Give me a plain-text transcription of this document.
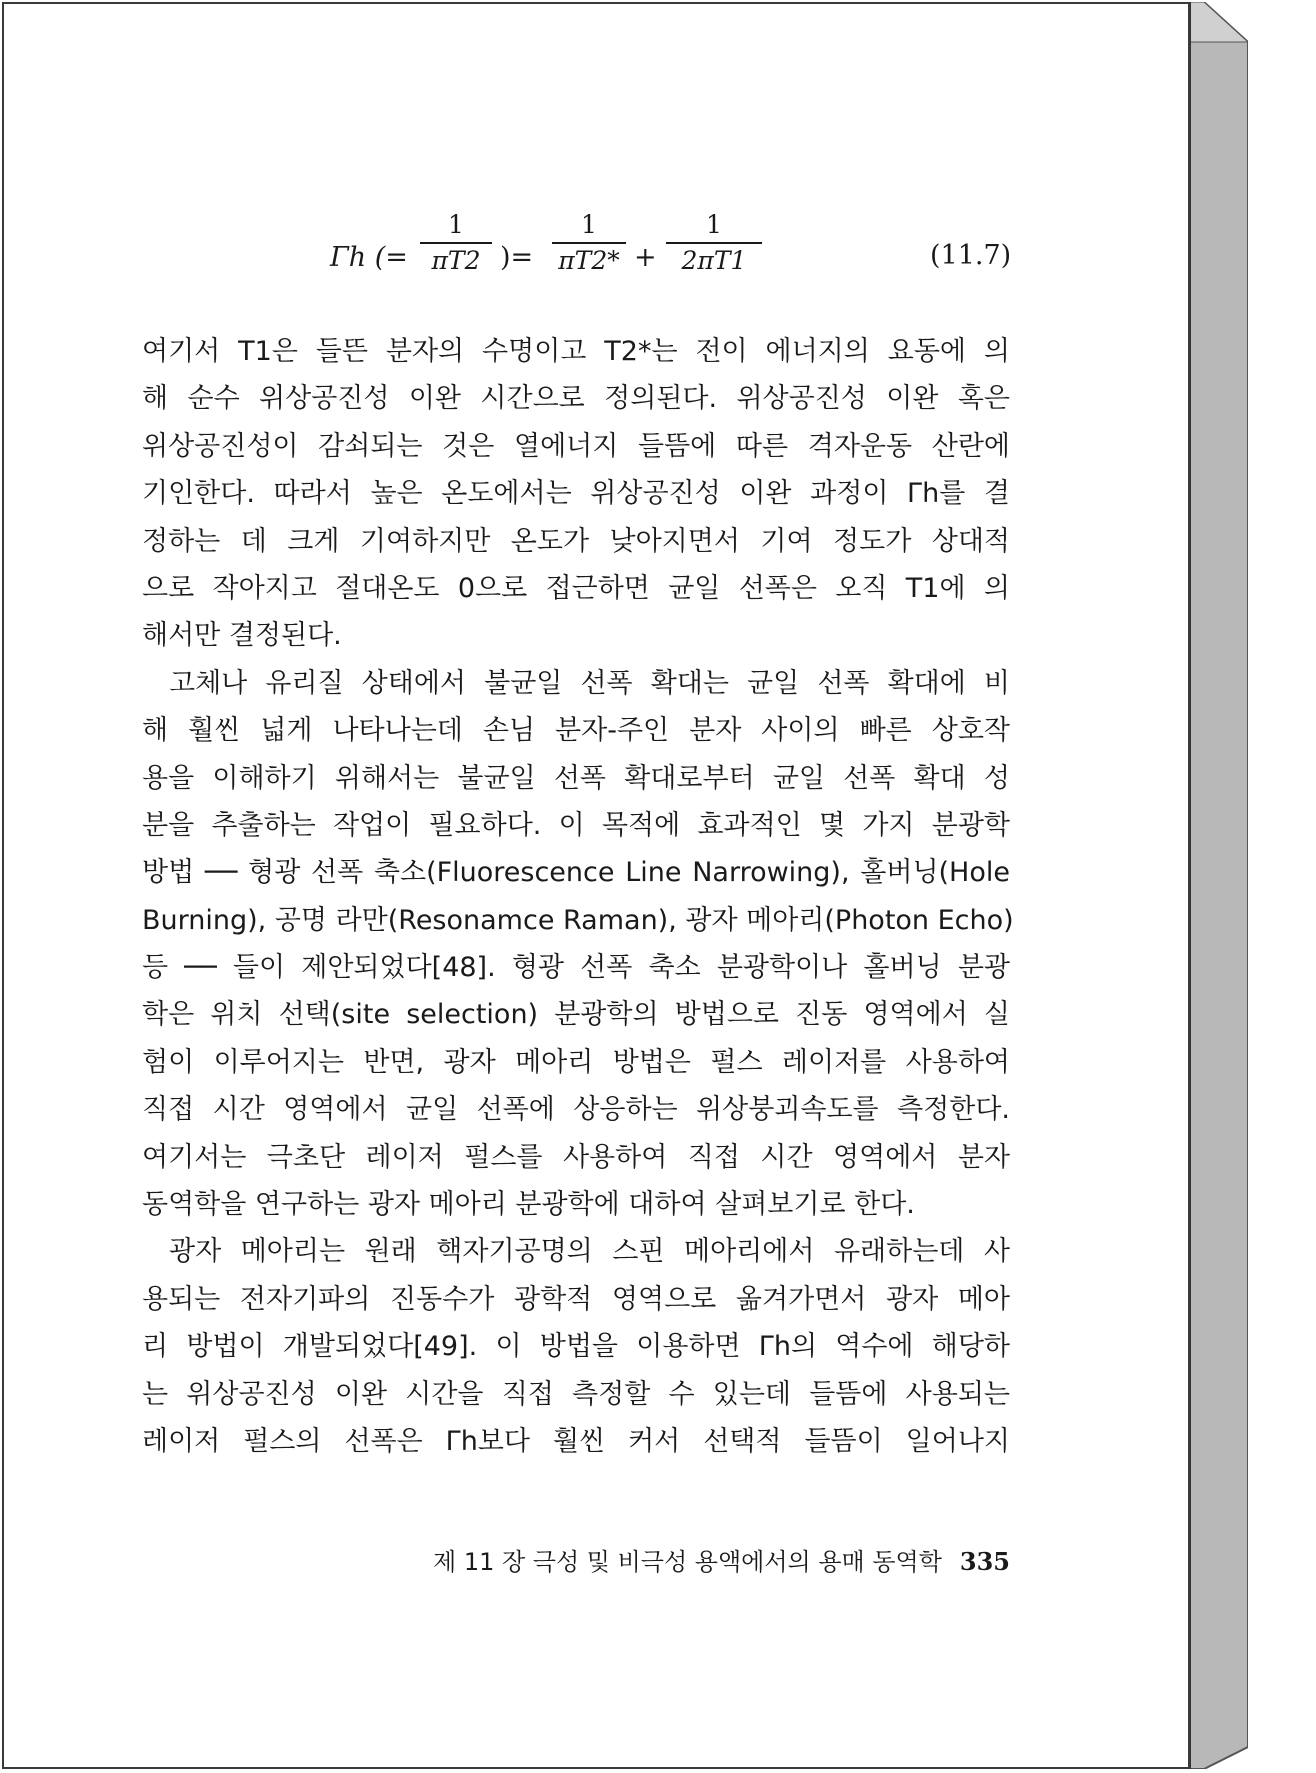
Γh (=
1
πT2 )=
1
πT2* +
1
2πT1	(11.7)
여기서 T1은 들뜬 분자의 수명이고 T2*는 전이 에너지의 요동에 의
해 순수 위상공진성 이완 시간으로 정의된다. 위상공진성 이완 혹은
위상공진성이 감쇠되는 것은 열에너지 들뜸에 따른 격자운동 산란에
기인한다. 따라서 높은 온도에서는 위상공진성 이완 과정이 Γh를 결
정하는 데 크게 기여하지만 온도가 낮아지면서 기여 정도가 상대적
으로 작아지고 절대온도 0으로 접근하면 균일 선폭은 오직 T1에 의
해서만 결정된다.
고체나 유리질 상태에서 불균일 선폭 확대는 균일 선폭 확대에 비
해 훨씬 넓게 나타나는데 손님 분자-주인 분자 사이의 빠른 상호작
용을 이해하기 위해서는 불균일 선폭 확대로부터 균일 선폭 확대 성
분을 추출하는 작업이 필요하다. 이 목적에 효과적인 몇 가지 분광학
방법 ── 형광 선폭 축소(Fluorescence Line Narrowing), 홀버닝(Hole
Burning), 공명 라만(Resonamce Raman), 광자 메아리(Photon Echo)
등 ── 들이 제안되었다[48]. 형광 선폭 축소 분광학이나 홀버닝 분광
학은 위치 선택(site selection) 분광학의 방법으로 진동 영역에서 실
험이 이루어지는 반면, 광자 메아리 방법은 펄스 레이저를 사용하여
직접 시간 영역에서 균일 선폭에 상응하는 위상붕괴속도를 측정한다.
여기서는 극초단 레이저 펄스를 사용하여 직접 시간 영역에서 분자
동역학을 연구하는 광자 메아리 분광학에 대하여 살펴보기로 한다.
광자 메아리는 원래 핵자기공명의 스핀 메아리에서 유래하는데 사
용되는 전자기파의 진동수가 광학적 영역으로 옮겨가면서 광자 메아
리 방법이 개발되었다[49]. 이 방법을 이용하면 Γh의 역수에 해당하
는 위상공진성 이완 시간을 직접 측정할 수 있는데 들뜸에 사용되는
레이저 펄스의 선폭은 Γh보다 훨씬 커서 선택적 들뜸이 일어나지
제 11 장 극성 및 비극성 용액에서의 용매 동역학 335
